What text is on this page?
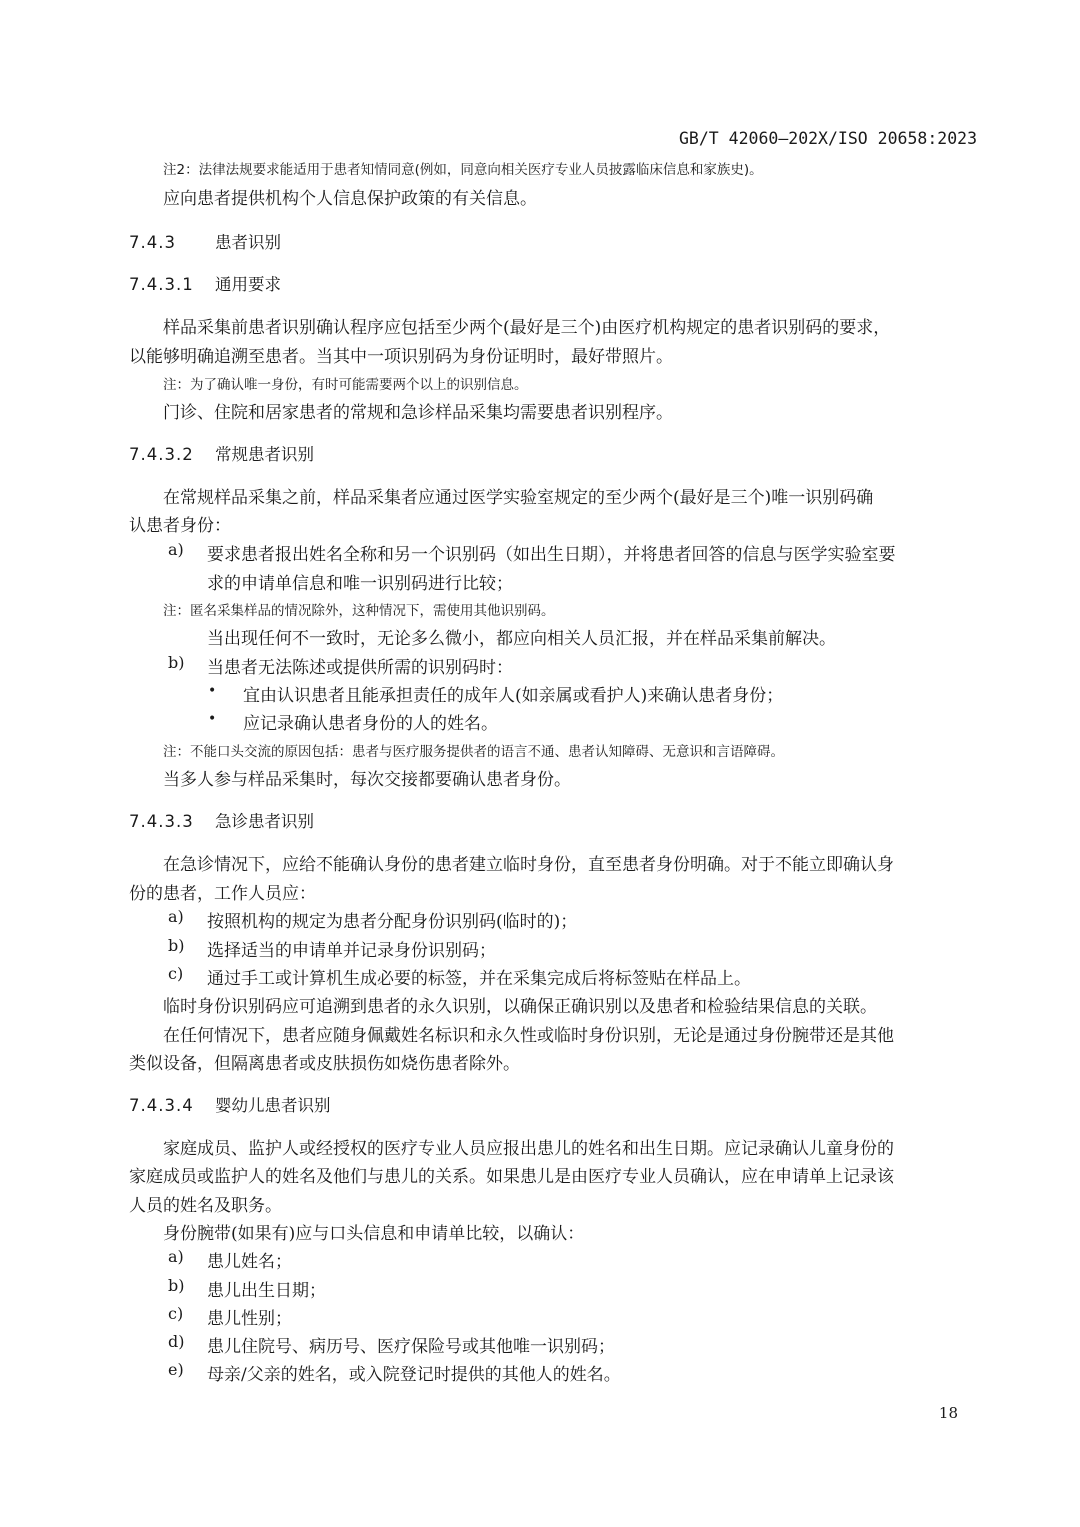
GB/T 42060—202X/ISO 20658:2023
注2：法律法规要求能适用于患者知情同意(例如，同意向相关医疗专业人员披露临床信息和家族史)。
应向患者提供机构个人信息保护政策的有关信息。
7.4.3 患者识别
7.4.3.1 通用要求
样品采集前患者识别确认程序应包括至少两个(最好是三个)由医疗机构规定的患者识别码的要求，
以能够明确追溯至患者。当其中一项识别码为身份证明时，最好带照片。
注：为了确认唯一身份，有时可能需要两个以上的识别信息。
门诊、住院和居家患者的常规和急诊样品采集均需要患者识别程序。
7.4.3.2 常规患者识别
在常规样品采集之前，样品采集者应通过医学实验室规定的至少两个(最好是三个)唯一识别码确
认患者身份：
a) 要求患者报出姓名全称和另一个识别码（如出生日期），并将患者回答的信息与医学实验室要
求的申请单信息和唯一识别码进行比较；
注：匿名采集样品的情况除外，这种情况下，需使用其他识别码。
当出现任何不一致时，无论多么微小，都应向相关人员汇报，并在样品采集前解决。
b) 当患者无法陈述或提供所需的识别码时：
• 宜由认识患者且能承担责任的成年人(如亲属或看护人)来确认患者身份；
• 应记录确认患者身份的人的姓名。
注：不能口头交流的原因包括：患者与医疗服务提供者的语言不通、患者认知障碍、无意识和言语障碍。
当多人参与样品采集时，每次交接都要确认患者身份。
7.4.3.3 急诊患者识别
在急诊情况下，应给不能确认身份的患者建立临时身份，直至患者身份明确。对于不能立即确认身
份的患者，工作人员应：
a) 按照机构的规定为患者分配身份识别码(临时的)；
b) 选择适当的申请单并记录身份识别码；
c) 通过手工或计算机生成必要的标签，并在采集完成后将标签贴在样品上。
临时身份识别码应可追溯到患者的永久识别，以确保正确识别以及患者和检验结果信息的关联。
在任何情况下，患者应随身佩戴姓名标识和永久性或临时身份识别，无论是通过身份腕带还是其他
类似设备，但隔离患者或皮肤损伤如烧伤患者除外。
7.4.3.4 婴幼儿患者识别
家庭成员、监护人或经授权的医疗专业人员应报出患儿的姓名和出生日期。应记录确认儿童身份的
家庭成员或监护人的姓名及他们与患儿的关系。如果患儿是由医疗专业人员确认，应在申请单上记录该
人员的姓名及职务。
身份腕带(如果有)应与口头信息和申请单比较，以确认：
a) 患儿姓名；
b) 患儿出生日期；
c) 患儿性别；
d) 患儿住院号、病历号、医疗保险号或其他唯一识别码；
e) 母亲/父亲的姓名，或入院登记时提供的其他人的姓名。
18
